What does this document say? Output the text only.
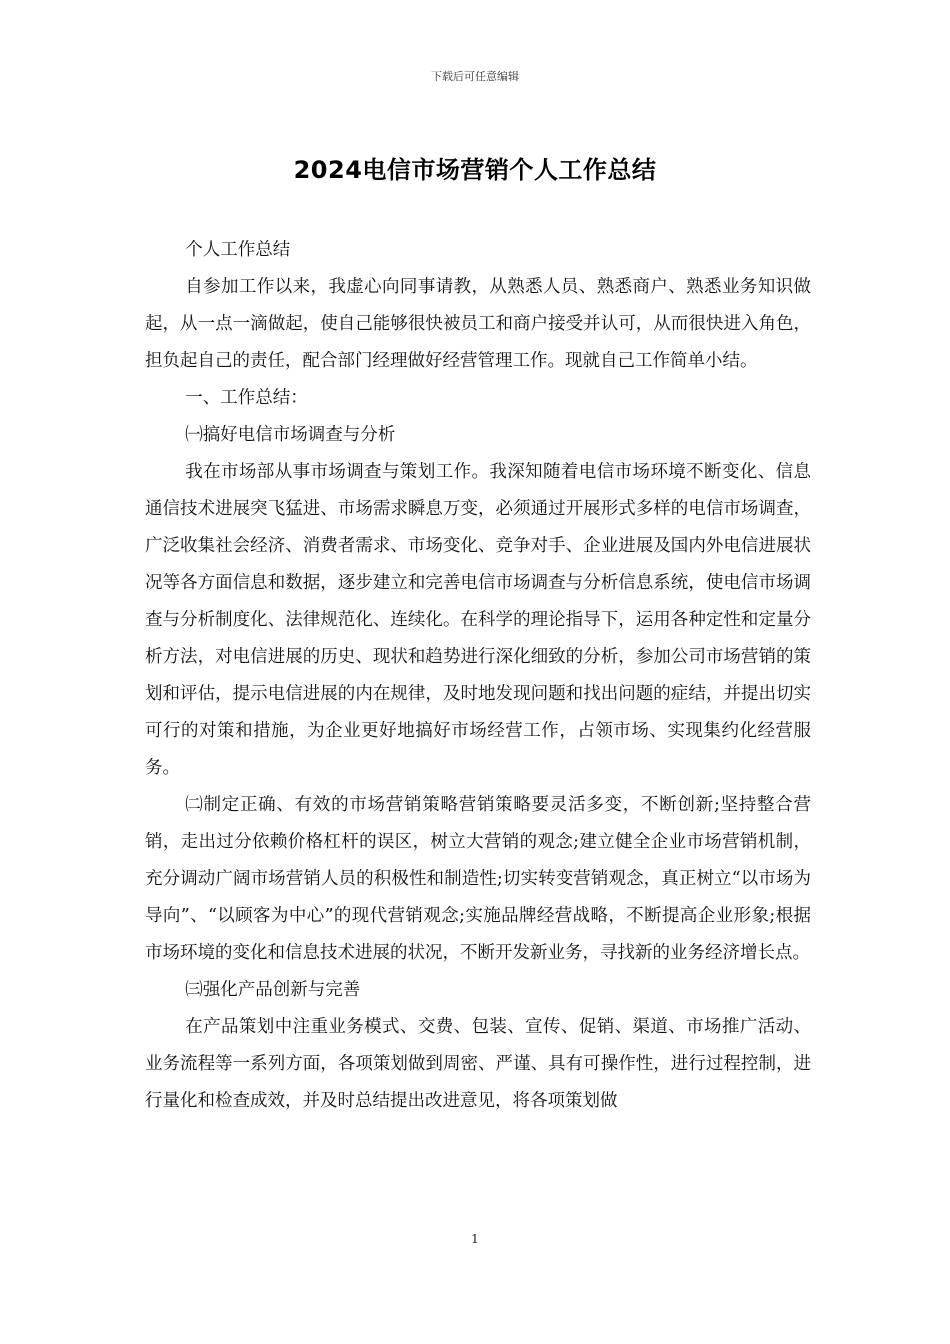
下载后可任意编辑
2024电信市场营销个人工作总结

个人工作总结

自参加工作以来，我虚心向同事请教，从熟悉人员、熟悉商户、熟悉业务知识做起，从一点一滴做起，使自己能够很快被员工和商户接受并认可，从而很快进入角色，担负起自己的责任，配合部门经理做好经营管理工作。现就自己工作简单小结。

一、工作总结：

㈠搞好电信市场调查与分析

我在市场部从事市场调查与策划工作。我深知随着电信市场环境不断变化、信息通信技术进展突飞猛进、市场需求瞬息万变，必须通过开展形式多样的电信市场调查，广泛收集社会经济、消费者需求、市场变化、竞争对手、企业进展及国内外电信进展状况等各方面信息和数据，逐步建立和完善电信市场调查与分析信息系统，使电信市场调查与分析制度化、法律规范化、连续化。在科学的理论指导下，运用各种定性和定量分析方法，对电信进展的历史、现状和趋势进行深化细致的分析，参加公司市场营销的策划和评估，提示电信进展的内在规律，及时地发现问题和找出问题的症结，并提出切实可行的对策和措施，为企业更好地搞好市场经营工作，占领市场、实现集约化经营服务。

㈡制定正确、有效的市场营销策略营销策略要灵活多变，不断创新;坚持整合营销，走出过分依赖价格杠杆的误区，树立大营销的观念;建立健全企业市场营销机制，充分调动广阔市场营销人员的积极性和制造性;切实转变营销观念，真正树立“以市场为导向”、“以顾客为中心”的现代营销观念;实施品牌经营战略，不断提高企业形象;根据市场环境的变化和信息技术进展的状况，不断开发新业务，寻找新的业务经济增长点。

㈢强化产品创新与完善

在产品策划中注重业务模式、交费、包装、宣传、促销、渠道、市场推广活动、业务流程等一系列方面，各项策划做到周密、严谨、具有可操作性，进行过程控制，进行量化和检查成效，并及时总结提出改进意见，将各项策划做

1
